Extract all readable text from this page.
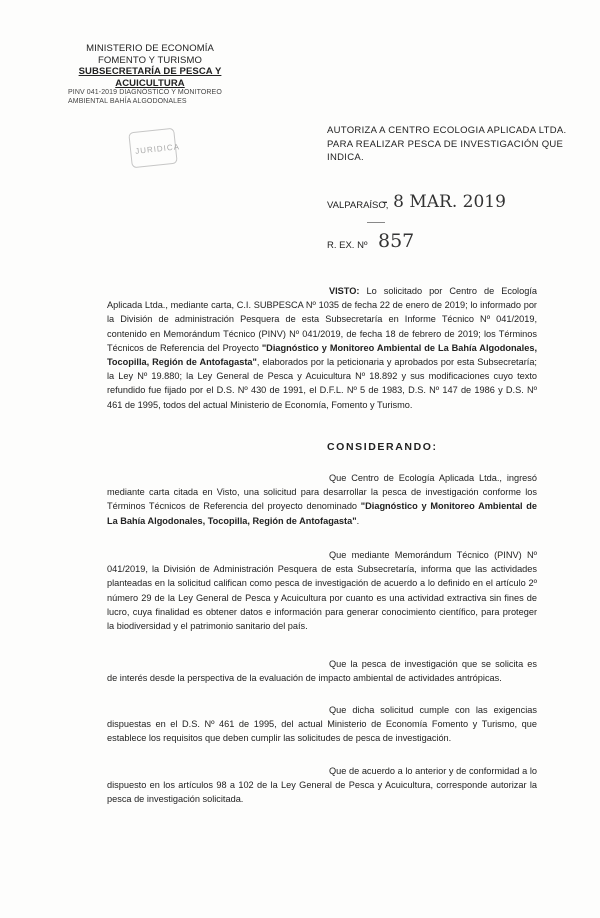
MINISTERIO DE ECONOMÍA
FOMENTO Y TURISMO
SUBSECRETARÍA DE PESCA Y ACUICULTURA
PINV 041-2019 DIAGNÓSTICO Y MONITOREO
AMBIENTAL BAHÍA ALGODONALES
JURIDICA
AUTORIZA A CENTRO ECOLOGIA APLICADA LTDA.
PARA REALIZAR PESCA DE INVESTIGACIÓN QUE
INDICA.
VALPARAÍSO,
- 8 MAR. 2019
R. EX. Nº 857
VISTO: Lo solicitado por Centro de Ecología Aplicada Ltda., mediante carta, C.I. SUBPESCA Nº 1035 de fecha 22 de enero de 2019; lo informado por la División de administración Pesquera de esta Subsecretaría en Informe Técnico Nº 041/2019, contenido en Memorándum Técnico (PINV) Nº 041/2019, de fecha 18 de febrero de 2019; los Términos Técnicos de Referencia del Proyecto "Diagnóstico y Monitoreo Ambiental de La Bahía Algodonales, Tocopilla, Región de Antofagasta", elaborados por la peticionaria y aprobados por esta Subsecretaría; la Ley Nº 19.880; la Ley General de Pesca y Acuicultura Nº 18.892 y sus modificaciones cuyo texto refundido fue fijado por el D.S. Nº 430 de 1991, el D.F.L. Nº 5 de 1983, D.S. Nº 147 de 1986 y D.S. Nº 461 de 1995, todos del actual Ministerio de Economía, Fomento y Turismo.
CONSIDERANDO:
Que Centro de Ecología Aplicada Ltda., ingresó mediante carta citada en Visto, una solicitud para desarrollar la pesca de investigación conforme los Términos Técnicos de Referencia del proyecto denominado "Diagnóstico y Monitoreo Ambiental de La Bahía Algodonales, Tocopilla, Región de Antofagasta".
Que mediante Memorándum Técnico (PINV) Nº 041/2019, la División de Administración Pesquera de esta Subsecretaría, informa que las actividades planteadas en la solicitud califican como pesca de investigación de acuerdo a lo definido en el artículo 2º número 29 de la Ley General de Pesca y Acuicultura por cuanto es una actividad extractiva sin fines de lucro, cuya finalidad es obtener datos e información para generar conocimiento científico, para proteger la biodiversidad y el patrimonio sanitario del país.
Que la pesca de investigación que se solicita es de interés desde la perspectiva de la evaluación de impacto ambiental de actividades antrópicas.
Que dicha solicitud cumple con las exigencias dispuestas en el D.S. Nº 461 de 1995, del actual Ministerio de Economía Fomento y Turismo, que establece los requisitos que deben cumplir las solicitudes de pesca de investigación.
Que de acuerdo a lo anterior y de conformidad a lo dispuesto en los artículos 98 a 102 de la Ley General de Pesca y Acuicultura, corresponde autorizar la pesca de investigación solicitada.
